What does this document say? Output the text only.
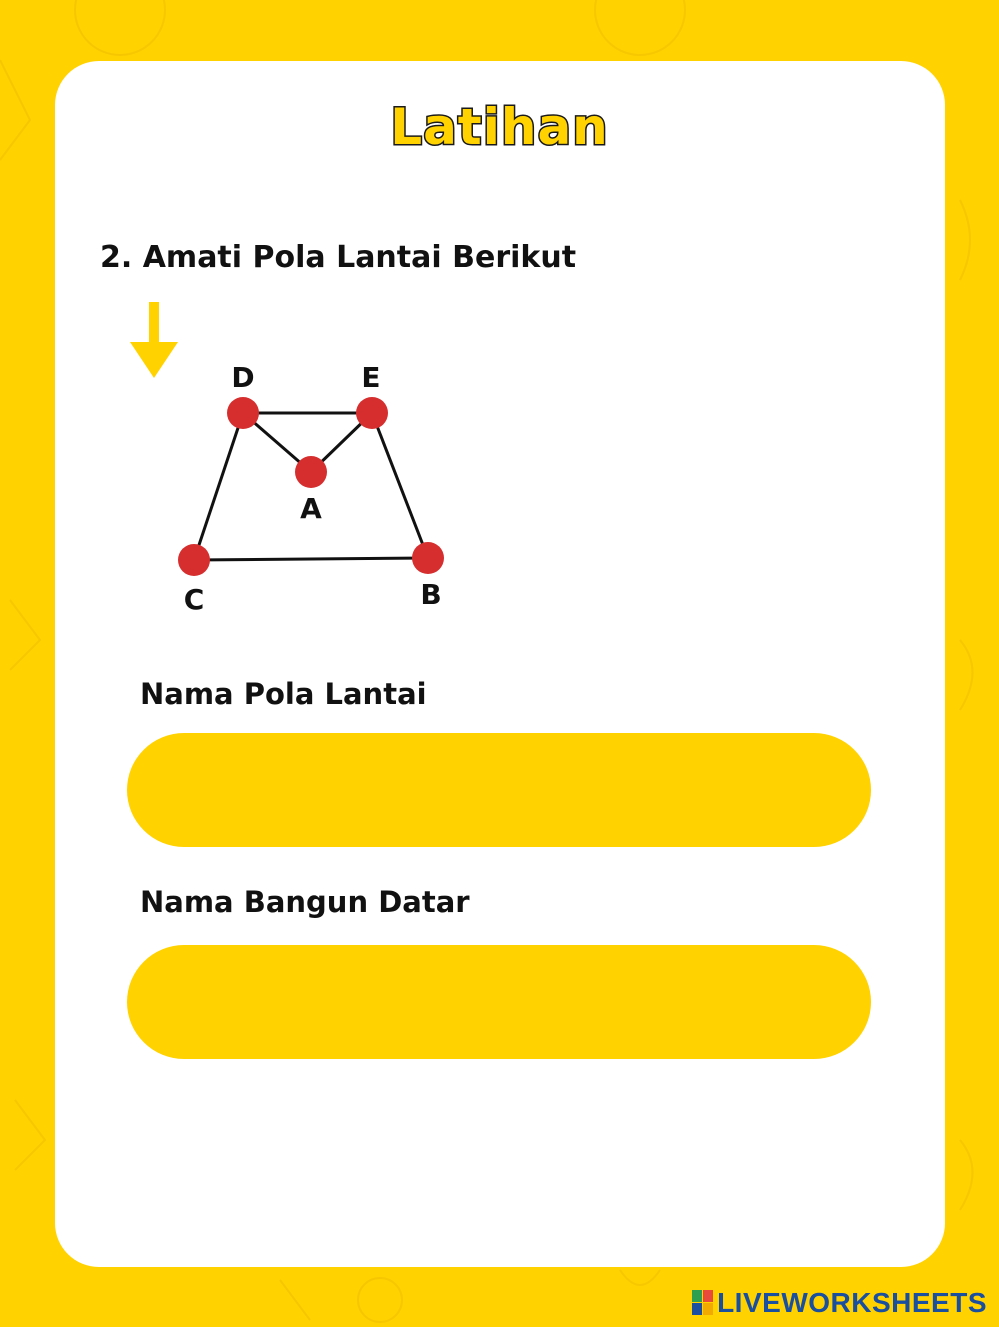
Latihan
2. Amati Pola Lantai Berikut
D	E
A
C	B
Nama Pola Lantai
Nama Bangun Datar
LIVEWORKSHEETS
